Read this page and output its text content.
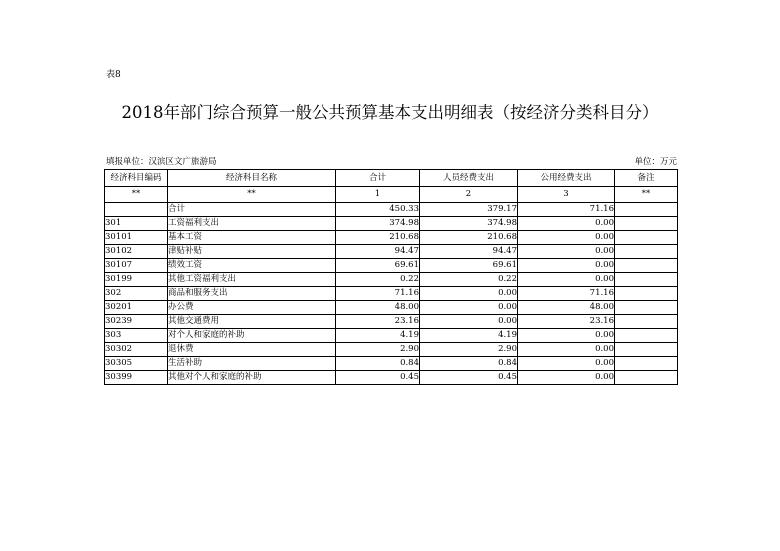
表8
2018年部门综合预算一般公共预算基本支出明细表（按经济分类科目分）
填报单位：汉滨区文广旅游局	单位：万元
经济科目编码	经济科目名称	合计	人员经费支出	公用经费支出	备注
**	**	1	2	3	**
	合计	450.33	379.17	71.16	
301	工资福利支出	374.98	374.98	0.00	
30101	基本工资	210.68	210.68	0.00	
30102	津贴补贴	94.47	94.47	0.00	
30107	绩效工资	69.61	69.61	0.00	
30199	其他工资福利支出	0.22	0.22	0.00	
302	商品和服务支出	71.16	0.00	71.16	
30201	办公费	48.00	0.00	48.00	
30239	其他交通费用	23.16	0.00	23.16	
303	对个人和家庭的补助	4.19	4.19	0.00	
30302	退休费	2.90	2.90	0.00	
30305	生活补助	0.84	0.84	0.00	
30399	其他对个人和家庭的补助	0.45	0.45	0.00	
